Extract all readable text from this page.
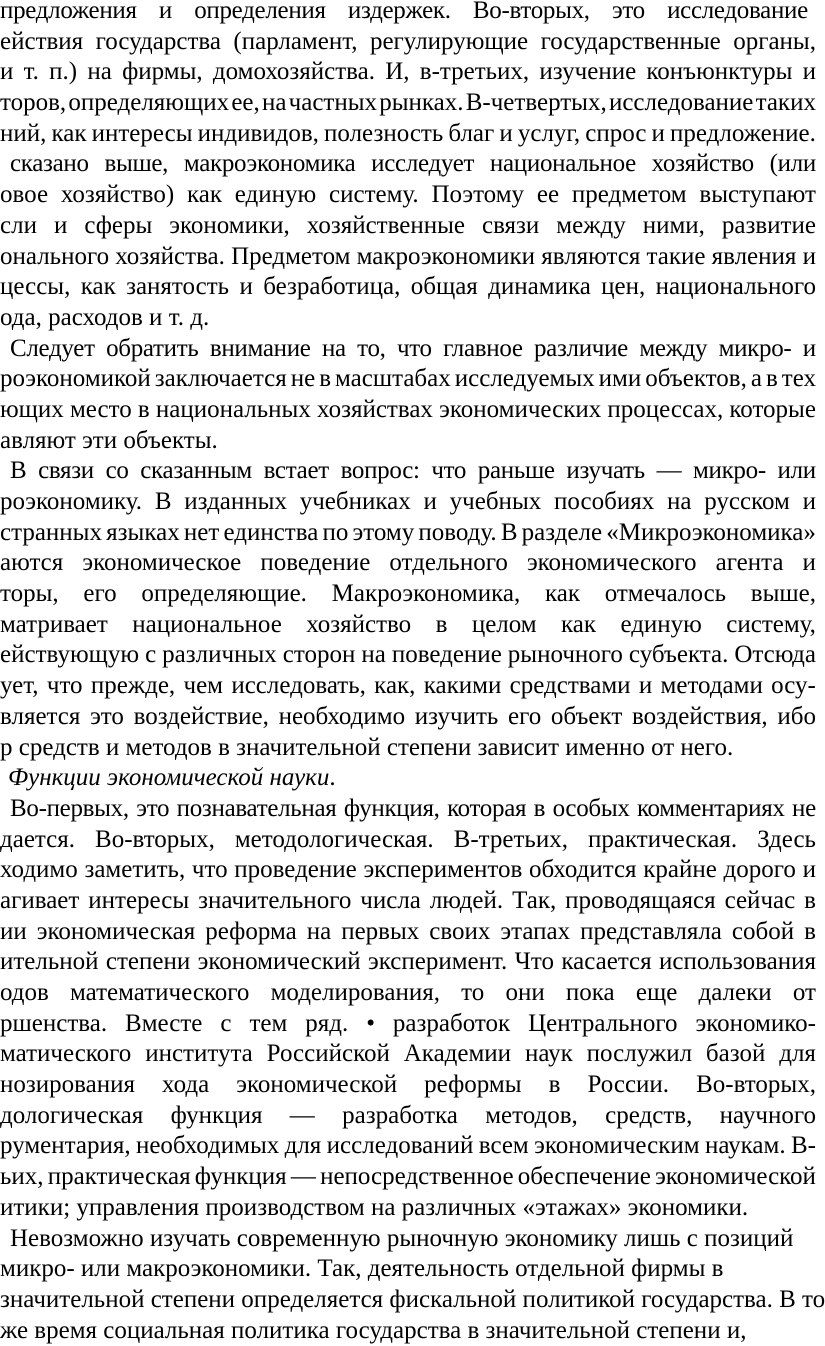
предложения и определения издержек. Во-вторых, это исследование
ействия государства (парламент, регулирующие государственные органы,
и т. п.) на фирмы, домохозяйства. И, в-третьих, изучение конъюнктуры и
торов, определяющих ее, на частных рынках. В-четвертых, исследование таких
ний, как интересы индивидов, полезность благ и услуг, спрос и предложение.
сказано выше, макроэкономика исследует национальное хозяйство (или
овое хозяйство) как единую систему. Поэтому ее предметом выступают
сли и сферы экономики, хозяйственные связи между ними, развитие
онального хозяйства. Предметом макроэкономики являются такие явления и
цессы, как занятость и безработица, общая динамика цен, национального
ода, расходов и т. д.
Следует обратить внимание на то, что главное различие между микро- и
роэкономикой заключается не в масштабах исследуемых ими объектов, а в тех
ющих место в национальных хозяйствах экономических процессах, которые
авляют эти объекты.
В связи со сказанным встает вопрос: что раньше изучать — микро- или
роэкономику. В изданных учебниках и учебных пособиях на русском и
странных языках нет единства по этому поводу. В разделе «Микроэкономика»
аются экономическое поведение отдельного экономического агента и
торы, его определяющие. Макроэкономика, как отмечалось выше,
матривает национальное хозяйство в целом как единую систему,
ействующую с различных сторон на поведение рыночного субъекта. Отсюда
ует, что прежде, чем исследовать, как, какими средствами и методами осу-
вляется это воздействие, необходимо изучить его объект воздействия, ибо
р средств и методов в значительной степени зависит именно от него.
Функции экономической науки.
Во-первых, это познавательная функция, которая в особых комментариях не
дается. Во-вторых, методологическая. В-третьих, практическая. Здесь
ходимо заметить, что проведение экспериментов обходится крайне дорого и
агивает интересы значительного числа людей. Так, проводящаяся сейчас в
ии экономическая реформа на первых своих этапах представляла собой в
ительной степени экономический эксперимент. Что касается использования
одов математического моделирования, то они пока еще далеки от
ршенства. Вместе с тем ряд. • разработок Центрального экономико-
матического института Российской Академии наук послужил базой для
нозирования хода экономической реформы в России. Во-вторых,
дологическая функция — разработка методов, средств, научного
рументария, необходимых для исследований всем экономическим наукам. В-
ьих, практическая функция — непосредственное обеспечение экономической
итики; управления производством на различных «этажах» экономики.
Невозможно изучать современную рыночную экономику лишь с позиций
микро- или макроэкономики. Так, деятельность отдельной фирмы в
значительной степени определяется фискальной политикой государства. В то
же время социальная политика государства в значительной степени и,
